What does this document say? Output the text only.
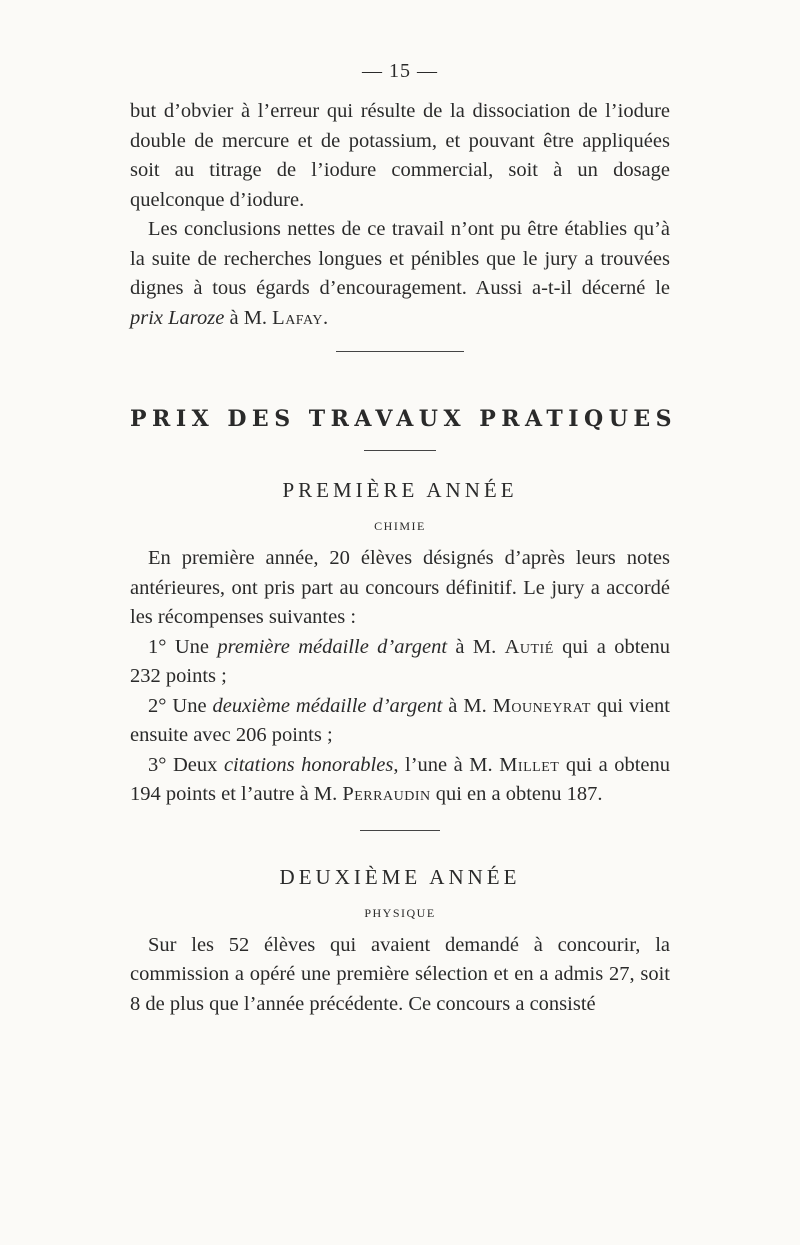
— 15 —

but d’obvier à l’erreur qui résulte de la dissociation de l’iodure double de mercure et de potassium, et pouvant être appliquées soit au titrage de l’iodure commercial, soit à un dosage quelconque d’iodure.

Les conclusions nettes de ce travail n’ont pu être établies qu’à la suite de recherches longues et pénibles que le jury a trouvées dignes à tous égards d’encouragement. Aussi a-t-il décerné le prix Laroze à M. Lafay.

PRIX DES TRAVAUX PRATIQUES
PREMIÈRE ANNÉE
CHIMIE

En première année, 20 élèves désignés d’après leurs notes antérieures, ont pris part au concours définitif. Le jury a accordé les récompenses suivantes :

1° Une première médaille d’argent à M. Autié qui a obtenu 232 points ;

2° Une deuxième médaille d’argent à M. Mouneyrat qui vient ensuite avec 206 points ;

3° Deux citations honorables, l’une à M. Millet qui a obtenu 194 points et l’autre à M. Perraudin qui en a obtenu 187.

DEUXIÈME ANNÉE
PHYSIQUE

Sur les 52 élèves qui avaient demandé à concourir, la commission a opéré une première sélection et en a admis 27, soit 8 de plus que l’année précédente. Ce concours a consisté
